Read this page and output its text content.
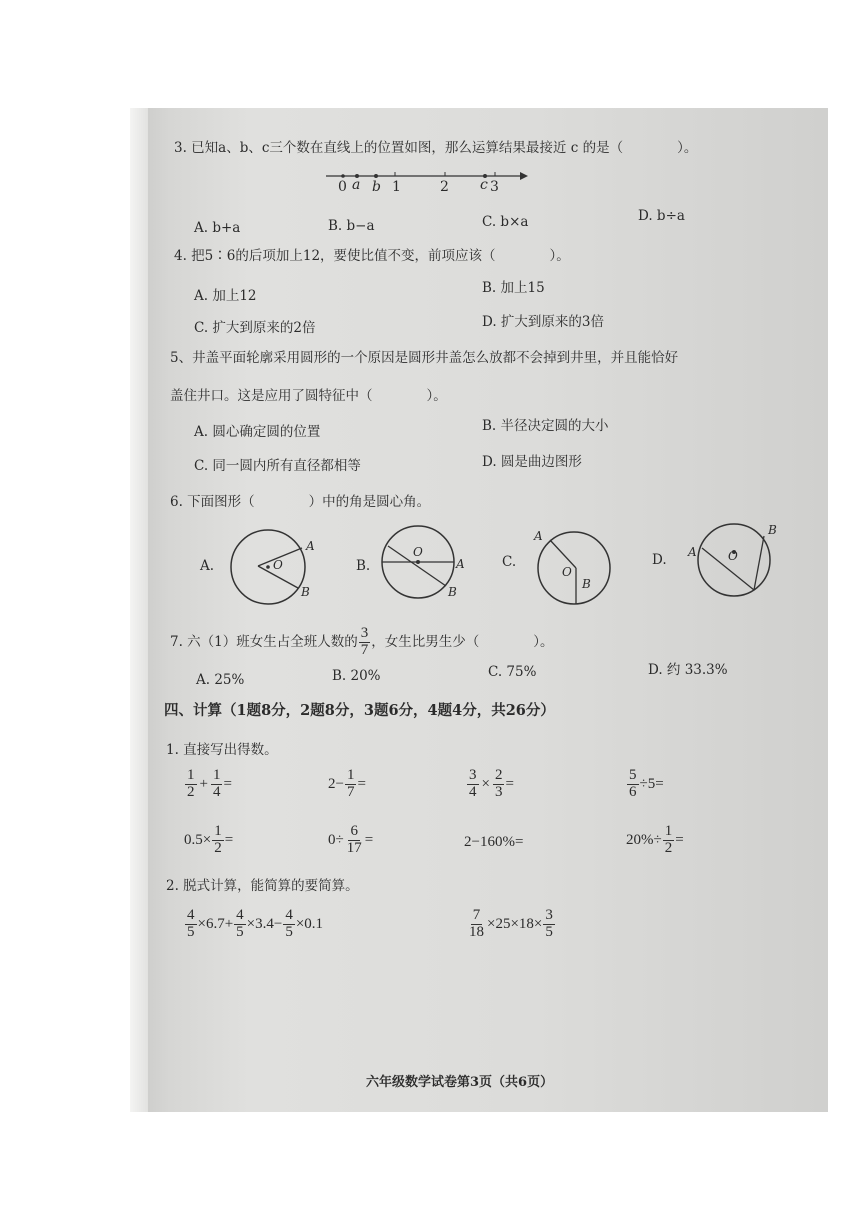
3. 已知a、b、c三个数在直线上的位置如图，那么运算结果最接近 c 的是（　　　　）。
0 a b 1	2 c 3
A. b+a	B. b−a	C. b×a	D. b÷a
4. 把5∶6的后项加上12，要使比值不变，前项应该（　　　　）。
A. 加上12	B. 加上15
C. 扩大到原来的2倍	D. 扩大到原来的3倍
5、井盖平面轮廓采用圆形的一个原因是圆形井盖怎么放都不会掉到井里，并且能恰好
盖住井口。这是应用了圆特征中（　　　　）。
A. 圆心确定圆的位置	B. 半径决定圆的大小
C. 同一圆内所有直径都相等	D. 圆是曲边图形
6. 下面图形（　　　　）中的角是圆心角。
A.	O
A
B
B.
O
A
B
C.
A
O
B
D. A	O
B
7. 六（1）班女生占全班人数的 $\frac{3}{7}$ ，女生比男生少（　　　　）。
A. 25%	B. 20%	C. 75%	D. 约 33.3%
四、计算（1题8分，2题8分，3题6分，4题4分，共26分）
1. 直接写出得数。
$\frac{1}{2} + \frac{1}{4}$ =	$2- \frac{1}{7}$ =	$\frac{3}{4} \times \frac{2}{3}$ =	$\frac{5}{6} \div 5=$
$0.5\times \frac{1}{2}$ =	$0\div \frac{6}{17}$ =	2−160%=	$20\%\div \frac{1}{2}$ =
2. 脱式计算，能简算的要简算。
$\frac{4}{5} \times 6.7+ \frac{4}{5} \times 3.4- \frac{4}{5} \times 0.1$	$\frac{7}{18} \times 25\times 18\times \frac{3}{5}$
六年级数学试卷第3页（共6页）
